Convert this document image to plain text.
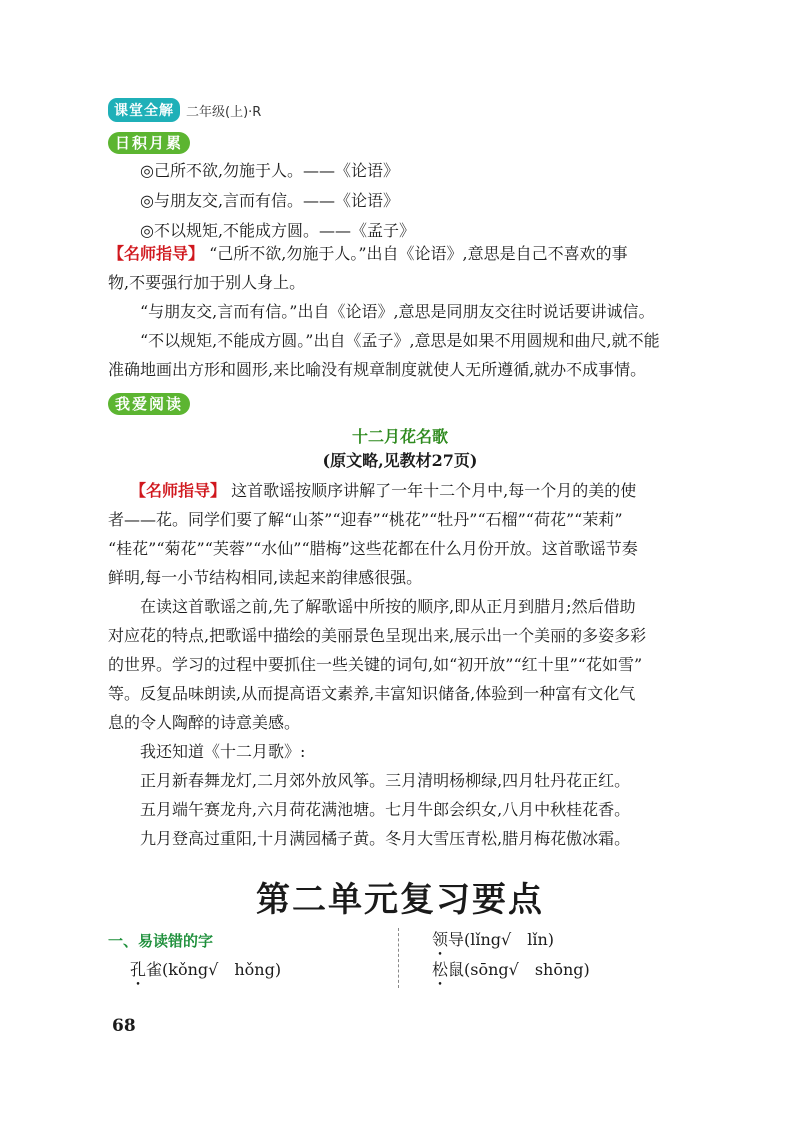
课堂全解 二年级(上)·R
日积月累
◎己所不欲,勿施于人。——《论语》
◎与朋友交,言而有信。——《论语》
◎不以规矩,不能成方圆。——《孟子》
【名师指导】 “己所不欲,勿施于人。”出自《论语》,意思是自己不喜欢的事
物,不要强行加于别人身上。
“与朋友交,言而有信。”出自《论语》,意思是同朋友交往时说话要讲诚信。
“不以规矩,不能成方圆。”出自《孟子》,意思是如果不用圆规和曲尺,就不能
准确地画出方形和圆形,来比喻没有规章制度就使人无所遵循,就办不成事情。
我爱阅读
十二月花名歌
(原文略,见教材27页)
【名师指导】 这首歌谣按顺序讲解了一年十二个月中,每一个月的美的使
者——花。同学们要了解“山茶”“迎春”“桃花”“牡丹”“石榴”“荷花”“茉莉”
“桂花”“菊花”“芙蓉”“水仙”“腊梅”这些花都在什么月份开放。这首歌谣节奏
鲜明,每一小节结构相同,读起来韵律感很强。
在读这首歌谣之前,先了解歌谣中所按的顺序,即从正月到腊月;然后借助
对应花的特点,把歌谣中描绘的美丽景色呈现出来,展示出一个美丽的多姿多彩
的世界。学习的过程中要抓住一些关键的词句,如“初开放”“红十里”“花如雪”
等。反复品味朗读,从而提高语文素养,丰富知识储备,体验到一种富有文化气
息的令人陶醉的诗意美感。
我还知道《十二月歌》:
正月新春舞龙灯,二月郊外放风筝。三月清明杨柳绿,四月牡丹花正红。
五月端午赛龙舟,六月荷花满池塘。七月牛郎会织女,八月中秋桂花香。
九月登高过重阳,十月满园橘子黄。冬月大雪压青松,腊月梅花傲冰霜。
第二单元复习要点
一、易读错的字
孔雀(kǒng√　hǒng)
领导(lǐng√　lǐn)
松鼠(sōng√　shōng)
68
